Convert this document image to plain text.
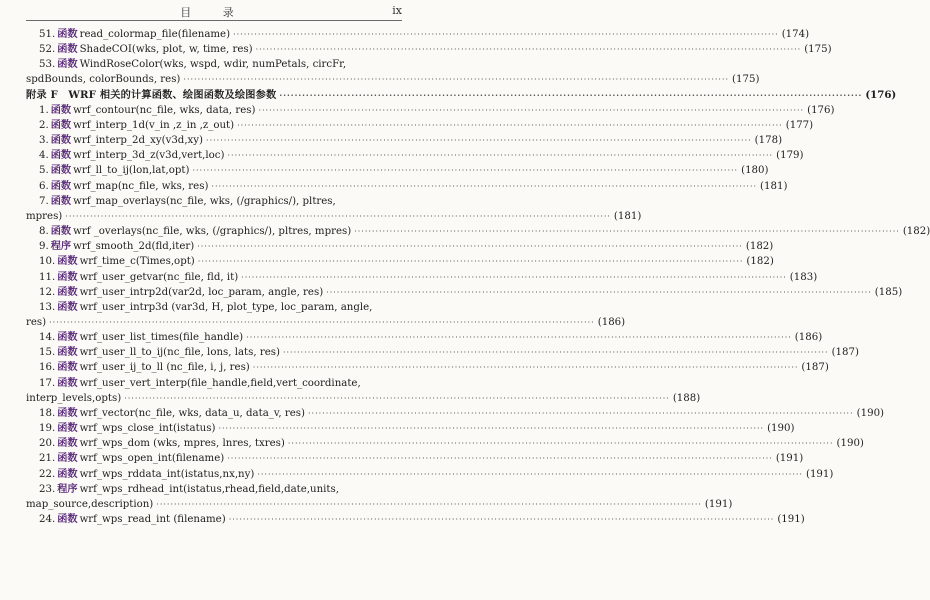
目 录	ix
51. 函数 read_colormap_file(filename) ·····	(174)
52. 函数 ShadeCOI(wks, plot, w, time, res) ·····	(175)
53. 函数 WindRoseColor(wks, wspd, wdir, numPetals, circFr,
spdBounds, colorBounds, res) ·····	(175)
附录 F　WRF 相关的计算函数、绘图函数及绘图参数 ·····	(176)
1. 函数 wrf_contour(nc_file, wks, data, res) ·····	(176)
2. 函数 wrf_interp_1d(v_in ,z_in ,z_out) ·····	(177)
3. 函数 wrf_interp_2d_xy(v3d,xy) ·····	(178)
4. 函数 wrf_interp_3d_z(v3d,vert,loc) ·····	(179)
5. 函数 wrf_ll_to_ij(lon,lat,opt) ·····	(180)
6. 函数 wrf_map(nc_file, wks, res) ·····	(181)
7. 函数 wrf_map_overlays(nc_file, wks, (/graphics/), pltres,
mpres) ·····	(181)
8. 函数 wrf _overlays(nc_file, wks, (/graphics/), pltres, mpres) ·····	(182)
9. 程序 wrf_smooth_2d(fld,iter) ·····	(182)
10. 函数 wrf_time_c(Times,opt) ·····	(182)
11. 函数 wrf_user_getvar(nc_file, fld, it) ·····	(183)
12. 函数 wrf_user_intrp2d(var2d, loc_param, angle, res) ·····	(185)
13. 函数 wrf_user_intrp3d (var3d, H, plot_type, loc_param, angle,
res) ·····	(186)
14. 函数 wrf_user_list_times(file_handle) ·····	(186)
15. 函数 wrf_user_ll_to_ij(nc_file, lons, lats, res) ·····	(187)
16. 函数 wrf_user_ij_to_ll (nc_file, i, j, res) ·····	(187)
17. 函数 wrf_user_vert_interp(file_handle,field,vert_coordinate,
interp_levels,opts) ·····	(188)
18. 函数 wrf_vector(nc_file, wks, data_u, data_v, res) ·····	(190)
19. 函数 wrf_wps_close_int(istatus) ·····	(190)
20. 函数 wrf_wps_dom (wks, mpres, lnres, txres) ·····	(190)
21. 函数 wrf_wps_open_int(filename) ·····	(191)
22. 函数 wrf_wps_rddata_int(istatus,nx,ny) ·····	(191)
23. 程序 wrf_wps_rdhead_int(istatus,rhead,field,date,units,
map_source,description) ·····	(191)
24. 函数 wrf_wps_read_int (filename) ·····	(191)
